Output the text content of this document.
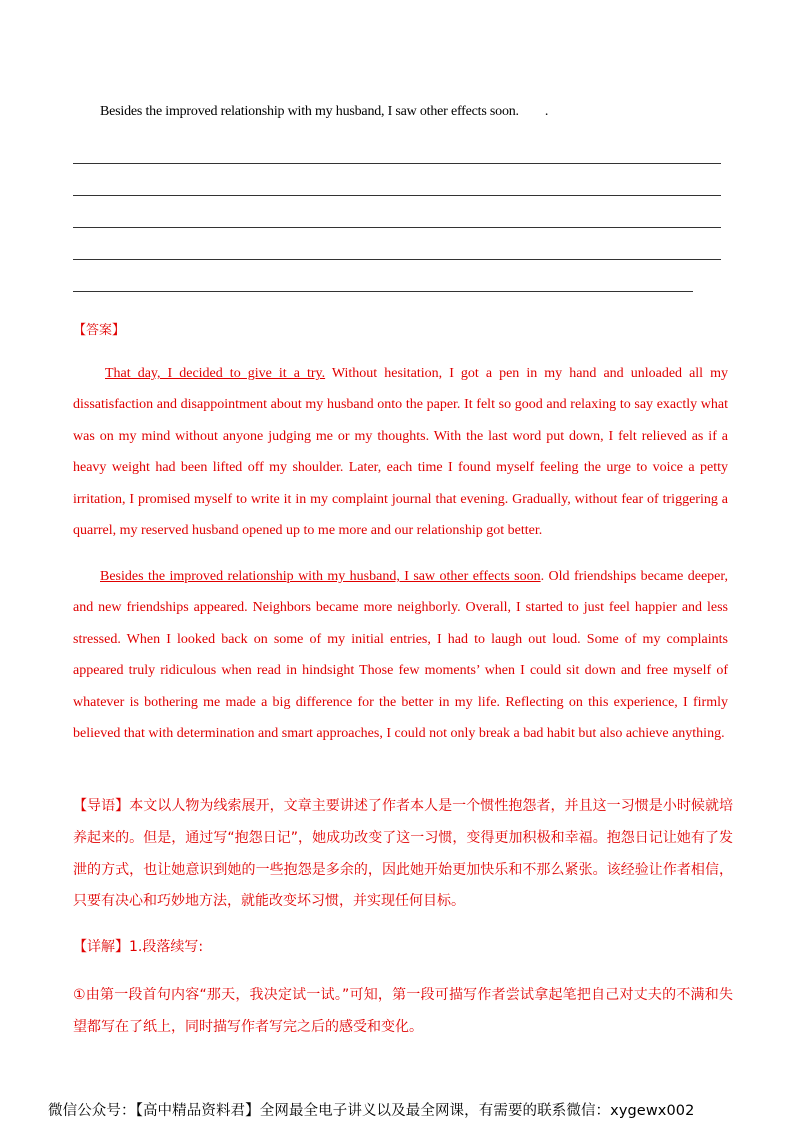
Besides the improved relationship with my husband, I saw other effects soon. .
【答案】

That day, I decided to give it a try. Without hesitation, I got a pen in my hand and unloaded all my dissatisfaction and disappointment about my husband onto the paper. It felt so good and relaxing to say exactly what was on my mind without anyone judging me or my thoughts. With the last word put down, I felt relieved as if a heavy weight had been lifted off my shoulder. Later, each time I found myself feeling the urge to voice a petty irritation, I promised myself to write it in my complaint journal that evening. Gradually, without fear of triggering a quarrel, my reserved husband opened up to me more and our relationship got better.

Besides the improved relationship with my husband, I saw other effects soon. Old friendships became deeper, and new friendships appeared. Neighbors became more neighborly. Overall, I started to just feel happier and less stressed. When I looked back on some of my initial entries, I had to laugh out loud. Some of my complaints appeared truly ridiculous when read in hindsight Those few moments’ when I could sit down and free myself of whatever is bothering me made a big difference for the better in my life. Reflecting on this experience, I firmly believed that with determination and smart approaches, I could not only break a bad habit but also achieve anything.

【导语】本文以人物为线索展开，文章主要讲述了作者本人是一个惯性抱怨者，并且这一习惯是小时候就培养起来的。但是，通过写“抱怨日记”，她成功改变了这一习惯，变得更加积极和幸福。抱怨日记让她有了发泄的方式，也让她意识到她的一些抱怨是多余的，因此她开始更加快乐和不那么紧张。该经验让作者相信，只要有决心和巧妙地方法，就能改变坏习惯，并实现任何目标。

【详解】1.段落续写:

①由第一段首句内容“那天，我决定试一试。”可知，第一段可描写作者尝试拿起笔把自己对丈夫的不满和失望都写在了纸上，同时描写作者写完之后的感受和变化。

微信公众号：【高中精品资料君】全网最全电子讲义以及最全网课，有需要的联系微信：xygewx002
